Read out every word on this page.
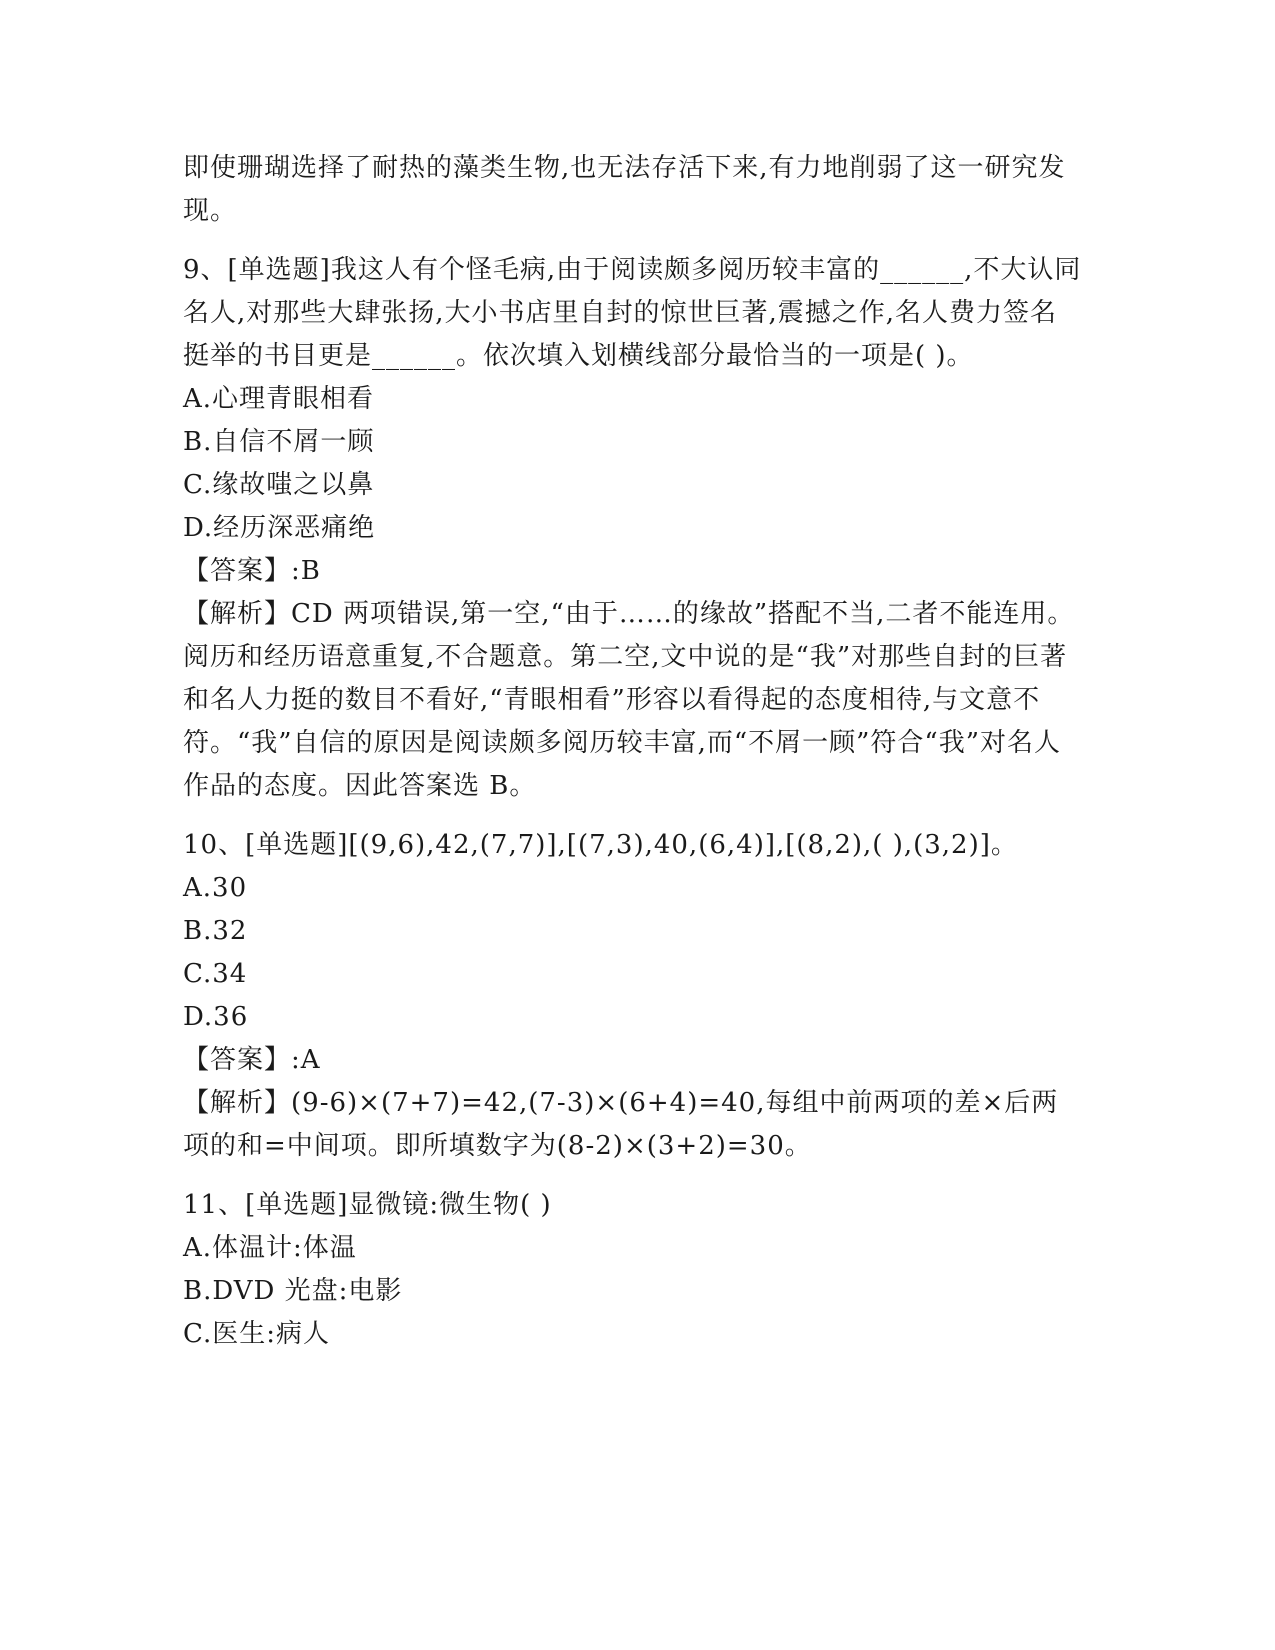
即使珊瑚选择了耐热的藻类生物,也无法存活下来,有力地削弱了这一研究发现。

9、[单选题]我这人有个怪毛病,由于阅读颇多阅历较丰富的______,不大认同名人,对那些大肆张扬,大小书店里自封的惊世巨著,震撼之作,名人费力签名挺举的书目更是______。依次填入划横线部分最恰当的一项是( )。

A.心理青眼相看

B.自信不屑一顾

C.缘故嗤之以鼻

D.经历深恶痛绝

【答案】:B

【解析】CD 两项错误,第一空,“由于……的缘故”搭配不当,二者不能连用。阅历和经历语意重复,不合题意。第二空,文中说的是“我”对那些自封的巨著和名人力挺的数目不看好,“青眼相看”形容以看得起的态度相待,与文意不符。“我”自信的原因是阅读颇多阅历较丰富,而“不屑一顾”符合“我”对名人作品的态度。因此答案选 B。

10、[单选题][(9,6),42,(7,7)],[(7,3),40,(6,4)],[(8,2),( ),(3,2)]。

A.30

B.32

C.34

D.36

【答案】:A

【解析】(9-6)×(7+7)=42,(7-3)×(6+4)=40,每组中前两项的差×后两项的和=中间项。即所填数字为(8-2)×(3+2)=30。

11、[单选题]显微镜:微生物( )

A.体温计:体温

B.DVD 光盘:电影

C.医生:病人
